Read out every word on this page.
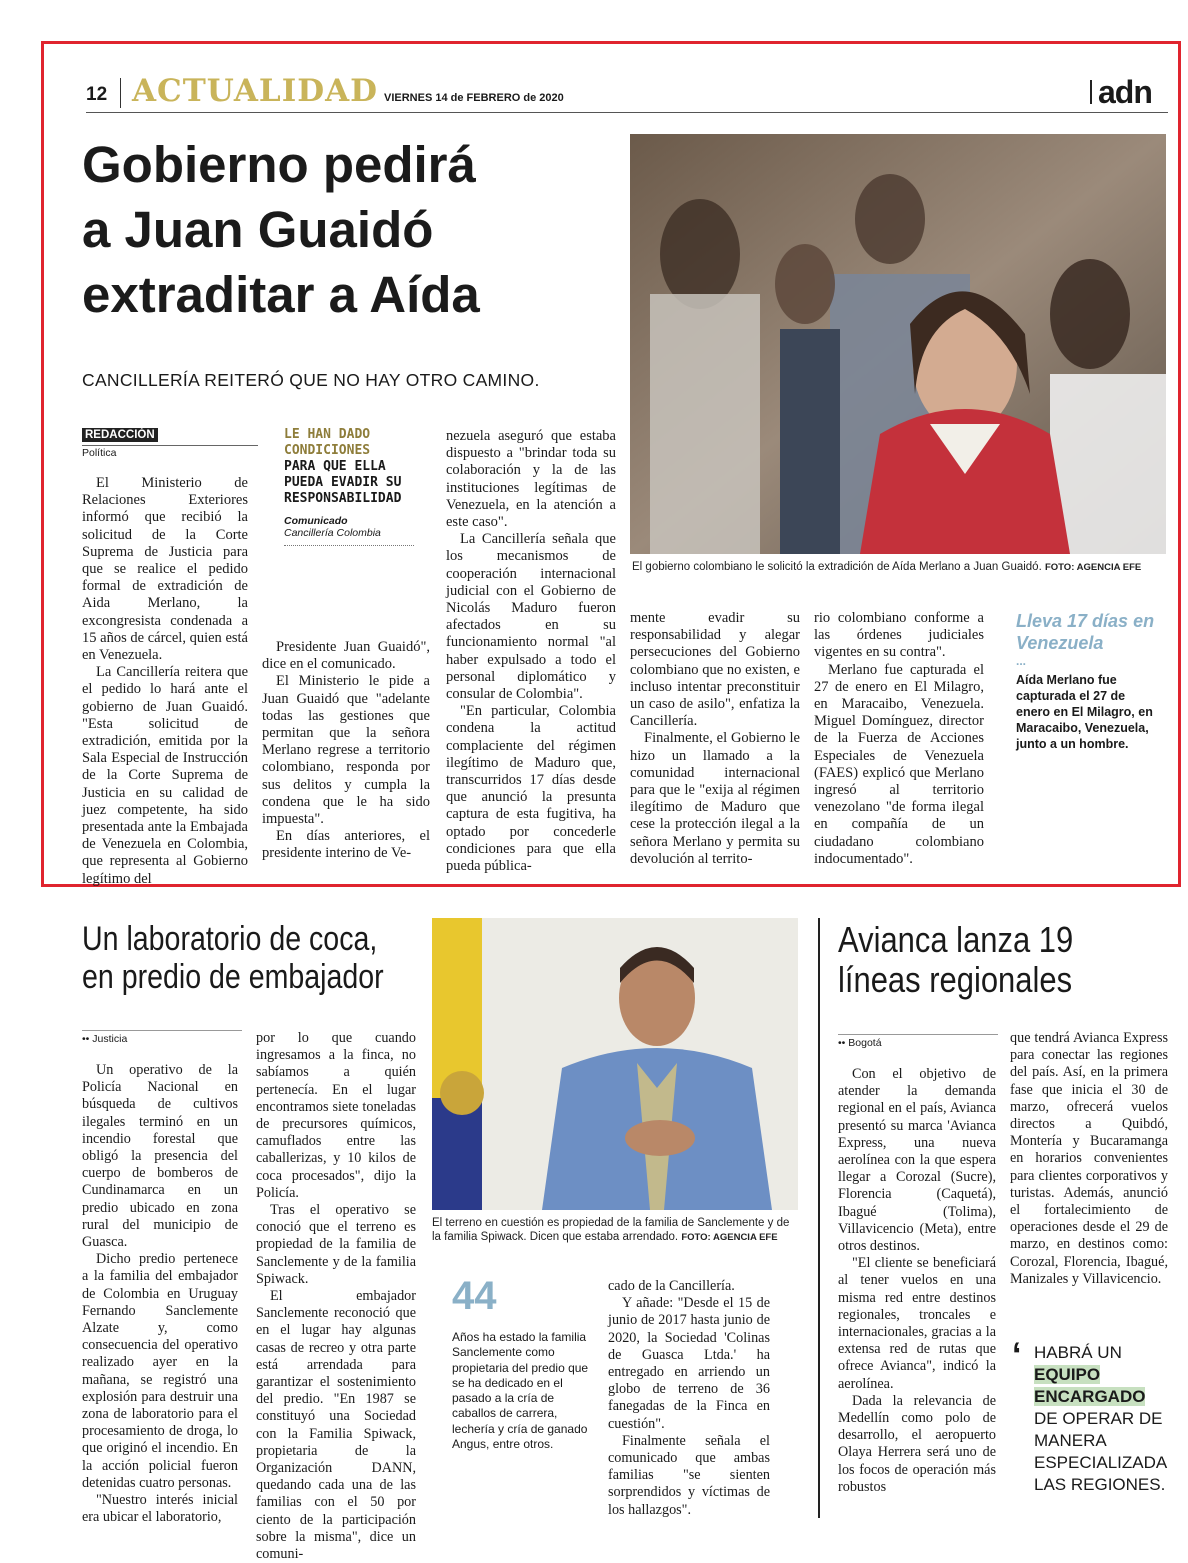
12 ACTUALIDAD VIERNES 14 de FEBRERO de 2020	adn
Gobierno pedirá
a Juan Guaidó
extraditar a Aída
CANCILLERÍA REITERÓ QUE NO HAY OTRO CAMINO.
El gobierno colombiano le solicitó la extradición de Aída Merlano a Juan Guaidó. FOTO: AGENCIA EFE
REDACCIÓN
Política

El Ministerio de Relaciones Exteriores informó que recibió la solicitud de la Corte Suprema de Justicia para que se realice el pedido formal de extradición de Aida Merlano, la excongresista condenada a 15 años de cárcel, quien está en Venezuela.

La Cancillería reitera que el pedido lo hará ante el gobierno de Juan Guaidó. "Esta solicitud de extradición, emitida por la Sala Especial de Instrucción de la Corte Suprema de Justicia en su calidad de juez competente, ha sido presentada ante la Embajada de Venezuela en Colombia, que representa al Gobierno legítimo del

LE HAN DADO CONDICIONES
PARA QUE ELLA PUEDA EVADIR SU RESPONSABILIDAD
Comunicado
Cancillería Colombia

Presidente Juan Guaidó", dice en el comunicado.

El Ministerio le pide a Juan Guaidó que "adelante todas las gestiones que permitan que la señora Merlano regrese a territorio colombiano, responda por sus delitos y cumpla la condena que le ha sido impuesta".

En días anteriores, el presidente interino de Ve-

nezuela aseguró que estaba dispuesto a "brindar toda su colaboración y la de las instituciones legítimas de Venezuela, en la atención a este caso".

La Cancillería señala que los mecanismos de cooperación internacional judicial con el Gobierno de Nicolás Maduro fueron afectados en su funcionamiento normal "al haber expulsado a todo el personal diplomático y consular de Colombia".

"En particular, Colombia condena la actitud complaciente del régimen ilegítimo de Maduro que, transcurridos 17 días desde que anunció la presunta captura de esta fugitiva, ha optado por concederle condiciones para que ella pueda pública-

mente evadir su responsabilidad y alegar persecuciones del Gobierno colombiano que no existen, e incluso intentar preconstituir un caso de asilo", enfatiza la Cancillería.

Finalmente, el Gobierno le hizo un llamado a la comunidad internacional para que le "exija al régimen ilegítimo de Maduro que cese la protección ilegal a la señora Merlano y permita su devolución al territo-

rio colombiano conforme a las órdenes judiciales vigentes en su contra".

Merlano fue capturada el 27 de enero en El Milagro, en Maracaibo, Venezuela. Miguel Domínguez, director de la Fuerza de Acciones Especiales de Venezuela (FAES) explicó que Merlano ingresó al territorio venezolano "de forma ilegal en compañía de un ciudadano colombiano indocumentado".

Lleva 17 días en Venezuela
...
Aída Merlano fue capturada el 27 de enero en El Milagro, en Maracaibo, Venezuela, junto a un hombre.
Un laboratorio de coca,
en predio de embajador
•• Justicia

Un operativo de la Policía Nacional en búsqueda de cultivos ilegales terminó en un incendio forestal que obligó la presencia del cuerpo de bomberos de Cundinamarca en un predio ubicado en zona rural del municipio de Guasca.

Dicho predio pertenece a la familia del embajador de Colombia en Uruguay Fernando Sanclemente Alzate y, como consecuencia del operativo realizado ayer en la mañana, se registró una explosión para destruir una zona de laboratorio para el procesamiento de droga, lo que originó el incendio. En la acción policial fueron detenidas cuatro personas.

"Nuestro interés inicial era ubicar el laboratorio,

por lo que cuando ingresamos a la finca, no sabíamos a quién pertenecía. En el lugar encontramos siete toneladas de precursores químicos, camuflados entre las caballerizas, y 10 kilos de coca procesados", dijo la Policía.

Tras el operativo se conoció que el terreno es propiedad de la familia de Sanclemente y de la familia Spiwack.

El embajador Sanclemente reconoció que en el lugar hay algunas casas de recreo y otra parte está arrendada para garantizar el sostenimiento del predio. "En 1987 se constituyó una Sociedad con la Familia Spiwack, propietaria de la Organización DANN, quedando cada una de las familias con el 50 por ciento de la participación sobre la misma", dice un comuni-

El terreno en cuestión es propiedad de la familia de Sanclemente y de la familia Spiwack. Dicen que estaba arrendado. FOTO: AGENCIA EFE
44
Años ha estado la familia Sanclemente como propietaria del predio que se ha dedicado en el pasado a la cría de caballos de carrera, lechería y cría de ganado Angus, entre otros.

cado de la Cancillería.

Y añade: "Desde el 15 de junio de 2017 hasta junio de 2020, la Sociedad 'Colinas de Guasca Ltda.' ha entregado en arriendo un globo de terreno de 36 fanegadas de la Finca en cuestión".

Finalmente señala el comunicado que ambas familias "se sienten sorprendidos y víctimas de los hallazgos".

Avianca lanza 19
líneas regionales
•• Bogotá

Con el objetivo de atender la demanda regional en el país, Avianca presentó su marca 'Avianca Express, una nueva aerolínea con la que espera llegar a Corozal (Sucre), Florencia (Caquetá), Ibagué (Tolima), Villavicencio (Meta), entre otros destinos.

"El cliente se beneficiará al tener vuelos en una misma red entre destinos regionales, troncales e internacionales, gracias a la extensa red de rutas que ofrece Avianca", indicó la aerolínea.

Dada la relevancia de Medellín como polo de desarrollo, el aeropuerto Olaya Herrera será uno de los focos de operación más robustos

que tendrá Avianca Express para conectar las regiones del país. Así, en la primera fase que inicia el 30 de marzo, ofrecerá vuelos directos a Quibdó, Montería y Bucaramanga en horarios convenientes para clientes corporativos y turistas. Además, anunció el fortalecimiento de operaciones desde el 29 de marzo, en destinos como: Corozal, Florencia, Ibagué, Manizales y Villavicencio.

‘ HABRÁ UN
EQUIPO ENCARGADO
DE OPERAR DE MANERA ESPECIALIZADA LAS REGIONES.
